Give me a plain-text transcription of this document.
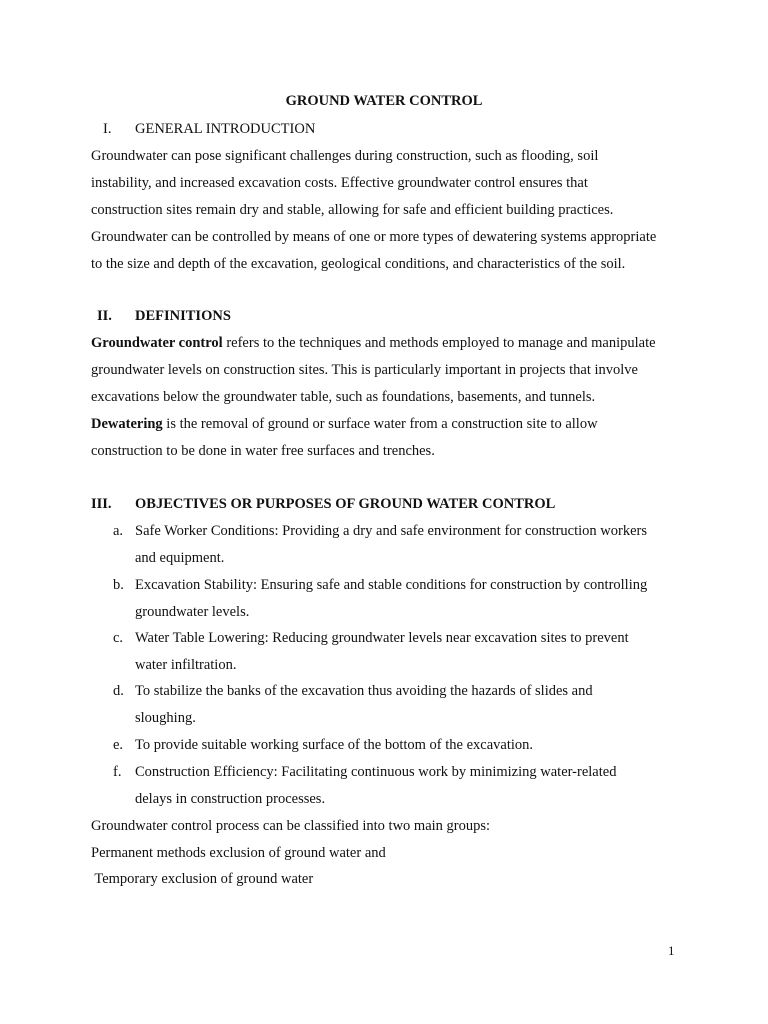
GROUND WATER CONTROL
I. GENERAL INTRODUCTION
Groundwater can pose significant challenges during construction, such as flooding, soil
instability, and increased excavation costs. Effective groundwater control ensures that
construction sites remain dry and stable, allowing for safe and efficient building practices.
Groundwater can be controlled by means of one or more types of dewatering systems appropriate
to the size and depth of the excavation, geological conditions, and characteristics of the soil.
II. DEFINITIONS
Groundwater control refers to the techniques and methods employed to manage and manipulate
groundwater levels on construction sites. This is particularly important in projects that involve
excavations below the groundwater table, such as foundations, basements, and tunnels.
Dewatering is the removal of ground or surface water from a construction site to allow
construction to be done in water free surfaces and trenches.
III. OBJECTIVES OR PURPOSES OF GROUND WATER CONTROL
a. Safe Worker Conditions: Providing a dry and safe environment for construction workers
and equipment.
b. Excavation Stability: Ensuring safe and stable conditions for construction by controlling
groundwater levels.
c. Water Table Lowering: Reducing groundwater levels near excavation sites to prevent
water infiltration.
d. To stabilize the banks of the excavation thus avoiding the hazards of slides and
sloughing.
e. To provide suitable working surface of the bottom of the excavation.
f. Construction Efficiency: Facilitating continuous work by minimizing water-related
delays in construction processes.
Groundwater control process can be classified into two main groups:
Permanent methods exclusion of ground water and
Temporary exclusion of ground water
1
